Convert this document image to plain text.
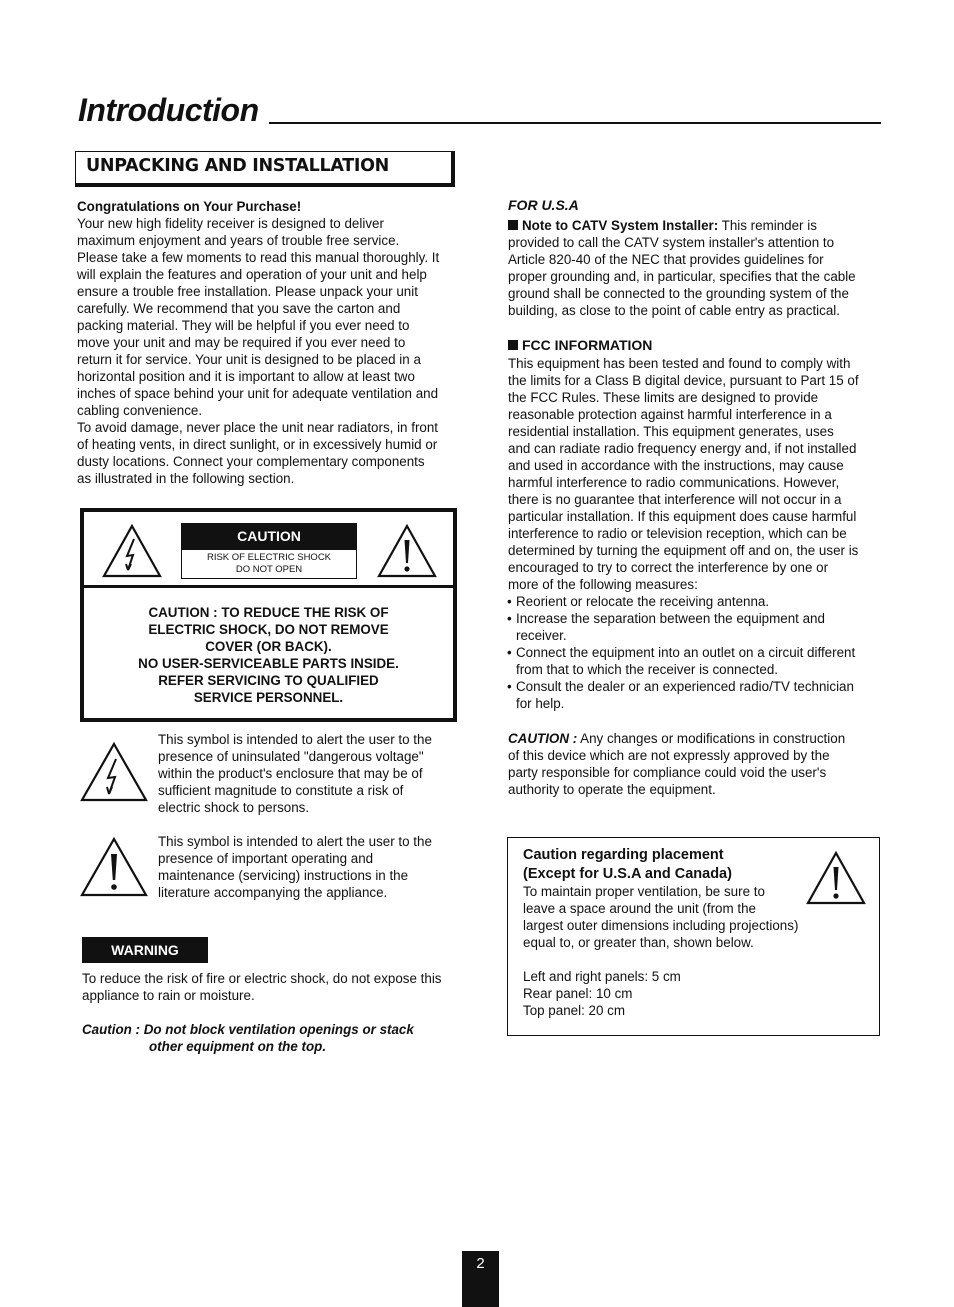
Introduction
UNPACKING AND INSTALLATION
Congratulations on Your Purchase!
Your new high fidelity receiver is designed to deliver
maximum enjoyment and years of trouble free service.
Please take a few moments to read this manual thoroughly. It
will explain the features and operation of your unit and help
ensure a trouble free installation. Please unpack your unit
carefully. We recommend that you save the carton and
packing material. They will be helpful if you ever need to
move your unit and may be required if you ever need to
return it for service. Your unit is designed to be placed in a
horizontal position and it is important to allow at least two
inches of space behind your unit for adequate ventilation and
cabling convenience.
To avoid damage, never place the unit near radiators, in front
of heating vents, in direct sunlight, or in excessively humid or
dusty locations. Connect your complementary components
as illustrated in the following section.
CAUTION
RISK OF ELECTRIC SHOCK
DO NOT OPEN
CAUTION : TO REDUCE THE RISK OF
ELECTRIC SHOCK, DO NOT REMOVE
COVER (OR BACK).
NO USER-SERVICEABLE PARTS INSIDE.
REFER SERVICING TO QUALIFIED
SERVICE PERSONNEL.
This symbol is intended to alert the user to the
presence of uninsulated "dangerous voltage"
within the product's enclosure that may be of
sufficient magnitude to constitute a risk of
electric shock to persons.
This symbol is intended to alert the user to the
presence of important operating and
maintenance (servicing) instructions in the
literature accompanying the appliance.
WARNING
To reduce the risk of fire or electric shock, do not expose this
appliance to rain or moisture.
Caution : Do not block ventilation openings or stack
other equipment on the top.
FOR U.S.A
Note to CATV System Installer: This reminder is
provided to call the CATV system installer's attention to
Article 820-40 of the NEC that provides guidelines for
proper grounding and, in particular, specifies that the cable
ground shall be connected to the grounding system of the
building, as close to the point of cable entry as practical.
FCC INFORMATION
This equipment has been tested and found to comply with
the limits for a Class B digital device, pursuant to Part 15 of
the FCC Rules. These limits are designed to provide
reasonable protection against harmful interference in a
residential installation. This equipment generates, uses
and can radiate radio frequency energy and, if not installed
and used in accordance with the instructions, may cause
harmful interference to radio communications. However,
there is no guarantee that interference will not occur in a
particular installation. If this equipment does cause harmful
interference to radio or television reception, which can be
determined by turning the equipment off and on, the user is
encouraged to try to correct the interference by one or
more of the following measures:
• Reorient or relocate the receiving antenna.
• Increase the separation between the equipment and
receiver.
• Connect the equipment into an outlet on a circuit different
from that to which the receiver is connected.
• Consult the dealer or an experienced radio/TV technician
for help.
CAUTION : Any changes or modifications in construction
of this device which are not expressly approved by the
party responsible for compliance could void the user's
authority to operate the equipment.
Caution regarding placement
(Except for U.S.A and Canada)
To maintain proper ventilation, be sure to
leave a space around the unit (from the
largest outer dimensions including projections)
equal to, or greater than, shown below.
Left and right panels: 5 cm
Rear panel: 10 cm
Top panel: 20 cm
2
